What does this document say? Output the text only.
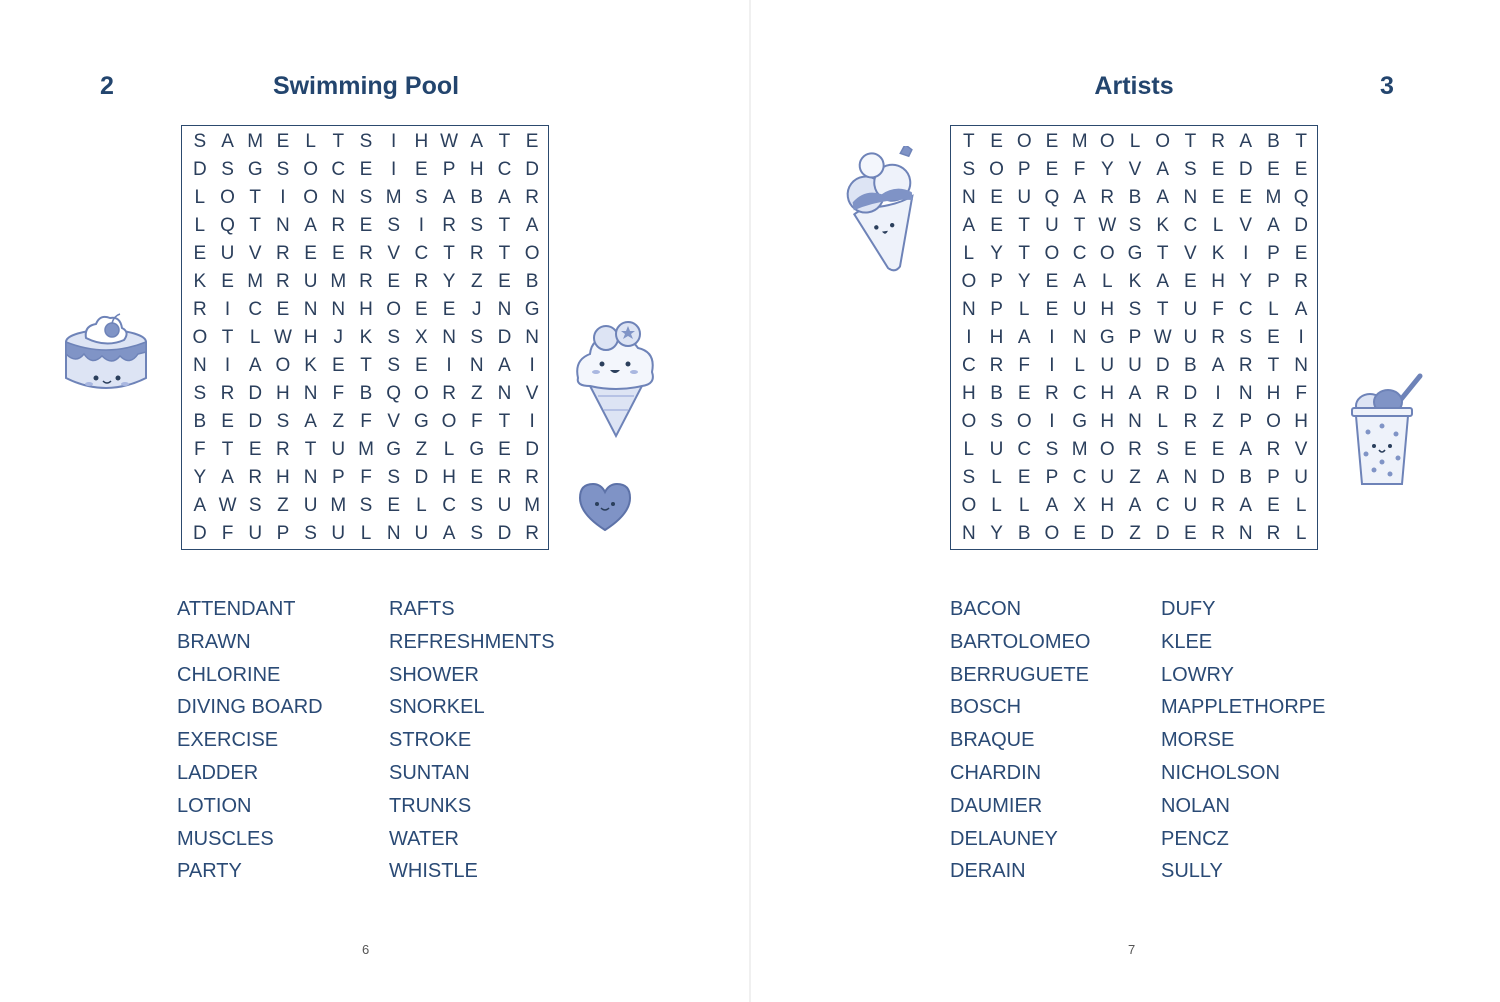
2	Swimming Pool
S A M E L T S I H W A T E
D S G S O C E I E P H C D
L O T	I O N S M S A B A R
L Q T N A R E S I R S T A
E U V R E E R V C T R T O
K E M R U M R E R Y Z E B
R I C E N N H O E E J N G
O T L W H J K S X N S D N
N I A O K E T S E I N A I
S R D H N F B Q O R Z N V
B E D S A Z F V G O F T	I
F T E R T U M G Z L G E D
Y A R H N P F S D H E R R
A W S Z U M S E L C S U M
D F U P S U L N U A S D R
ATTENDANT
BRAWN
CHLORINE
DIVING BOARD
EXERCISE
LADDER
LOTION
MUSCLES
PARTY
RAFTS
REFRESHMENTS
SHOWER
SNORKEL
STROKE
SUNTAN
TRUNKS
WATER
WHISTLE
6
3
Artists
T E O E M O L O T R A B T
S O P E F Y V A S E D E E
N E U Q A R B A N E E M Q
A E T U T W S K C L V A D
L Y T O C O G T V K I P E
O P Y E A L K A E H Y P R
N P L E U H S T U F C L A
I H A I N G P W U R S E I
C R F	I	L U U D B A R T N
H B E R C H A R D I N H F
O S O I G H N L R Z P O H
L U C S M O R S E E A R V
S L E P C U Z A N D B P U
O L L A X H A C U R A E L
N Y B O E D Z D E R N R L
BACON
BARTOLOMEO
BERRUGUETE
BOSCH
BRAQUE
CHARDIN
DAUMIER
DELAUNEY
DERAIN
DUFY
KLEE
LOWRY
MAPPLETHORPE
MORSE
NICHOLSON
NOLAN
PENCZ
SULLY
7
